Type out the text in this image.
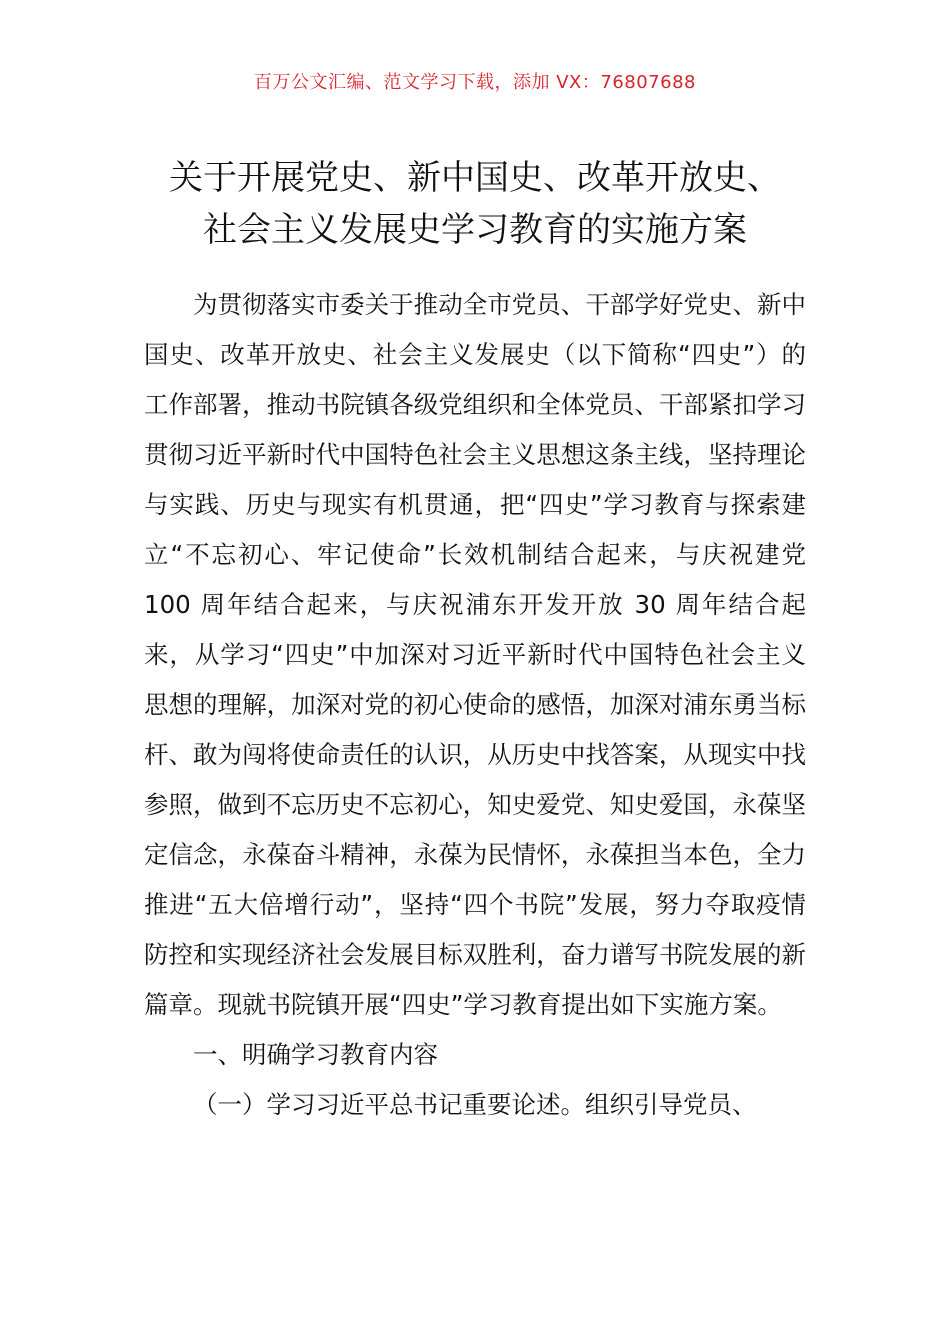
百万公文汇编、范文学习下载，添加 VX：76807688
关于开展党史、新中国史、改革开放史、
社会主义发展史学习教育的实施方案

为贯彻落实市委关于推动全市党员、干部学好党史、新中国史、改革开放史、社会主义发展史（以下简称“四史”）的工作部署，推动书院镇各级党组织和全体党员、干部紧扣学习贯彻习近平新时代中国特色社会主义思想这条主线，坚持理论与实践、历史与现实有机贯通，把“四史”学习教育与探索建立“不忘初心、牢记使命”长效机制结合起来，与庆祝建党 100 周年结合起来，与庆祝浦东开发开放 30 周年结合起来，从学习“四史”中加深对习近平新时代中国特色社会主义思想的理解，加深对党的初心使命的感悟，加深对浦东勇当标杆、敢为闯将使命责任的认识，从历史中找答案，从现实中找参照，做到不忘历史不忘初心，知史爱党、知史爱国，永葆坚定信念，永葆奋斗精神，永葆为民情怀，永葆担当本色，全力推进“五大倍增行动”，坚持“四个书院”发展，努力夺取疫情防控和实现经济社会发展目标双胜利，奋力谱写书院发展的新篇章。现就书院镇开展“四史”学习教育提出如下实施方案。

一、明确学习教育内容

（一）学习习近平总书记重要论述。组织引导党员、
